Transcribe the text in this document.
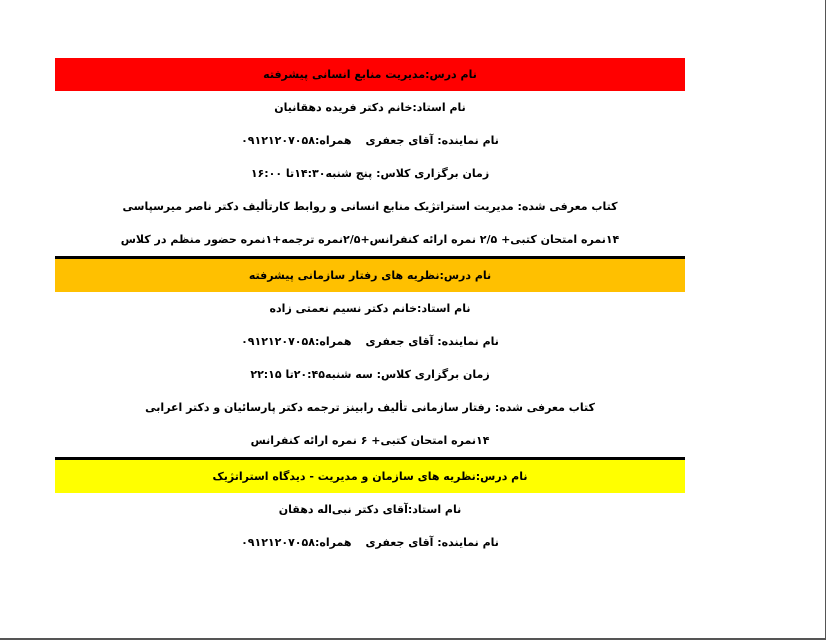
نام درس:مدیریت منابع انسانی پیشرفته
نام استاد:خانم دکتر فریده دهقانیان
نام نماینده: آقای جعفری
همراه:۰۹۱۲۱۲۰۷۰۵۸
زمان برگزاری کلاس: پنج شنبه۱۴:۳۰تا ۱۶:۰۰
کتاب معرفی شده: مدیریت استراتژیک منابع انسانی و روابط کارتألیف دکتر ناصر میرسپاسی
۱۴نمره امتحان کتبی+ ۲/۵ نمره ارائه کنفرانس+۲/۵نمره ترجمه+۱نمره حضور منظم در کلاس
نام درس:نظریه های رفتار سازمانی پیشرفته
نام استاد:خانم دکتر نسیم نعمتی زاده
نام نماینده: آقای جعفری
همراه:۰۹۱۲۱۲۰۷۰۵۸
زمان برگزاری کلاس: سه شنبه۲۰:۴۵تا ۲۲:۱۵
کتاب معرفی شده: رفتار سازمانی تألیف رابینز ترجمه دکتر پارسائیان و دکتر اعرابی
۱۴نمره امتحان کتبی+ ۶ نمره ارائه کنفرانس
نام درس:نظریه های سازمان و مدیریت - دیدگاه استراتژیک
نام استاد:آقای دکتر نبی‌اله دهقان
نام نماینده: آقای جعفری
همراه:۰۹۱۲۱۲۰۷۰۵۸
